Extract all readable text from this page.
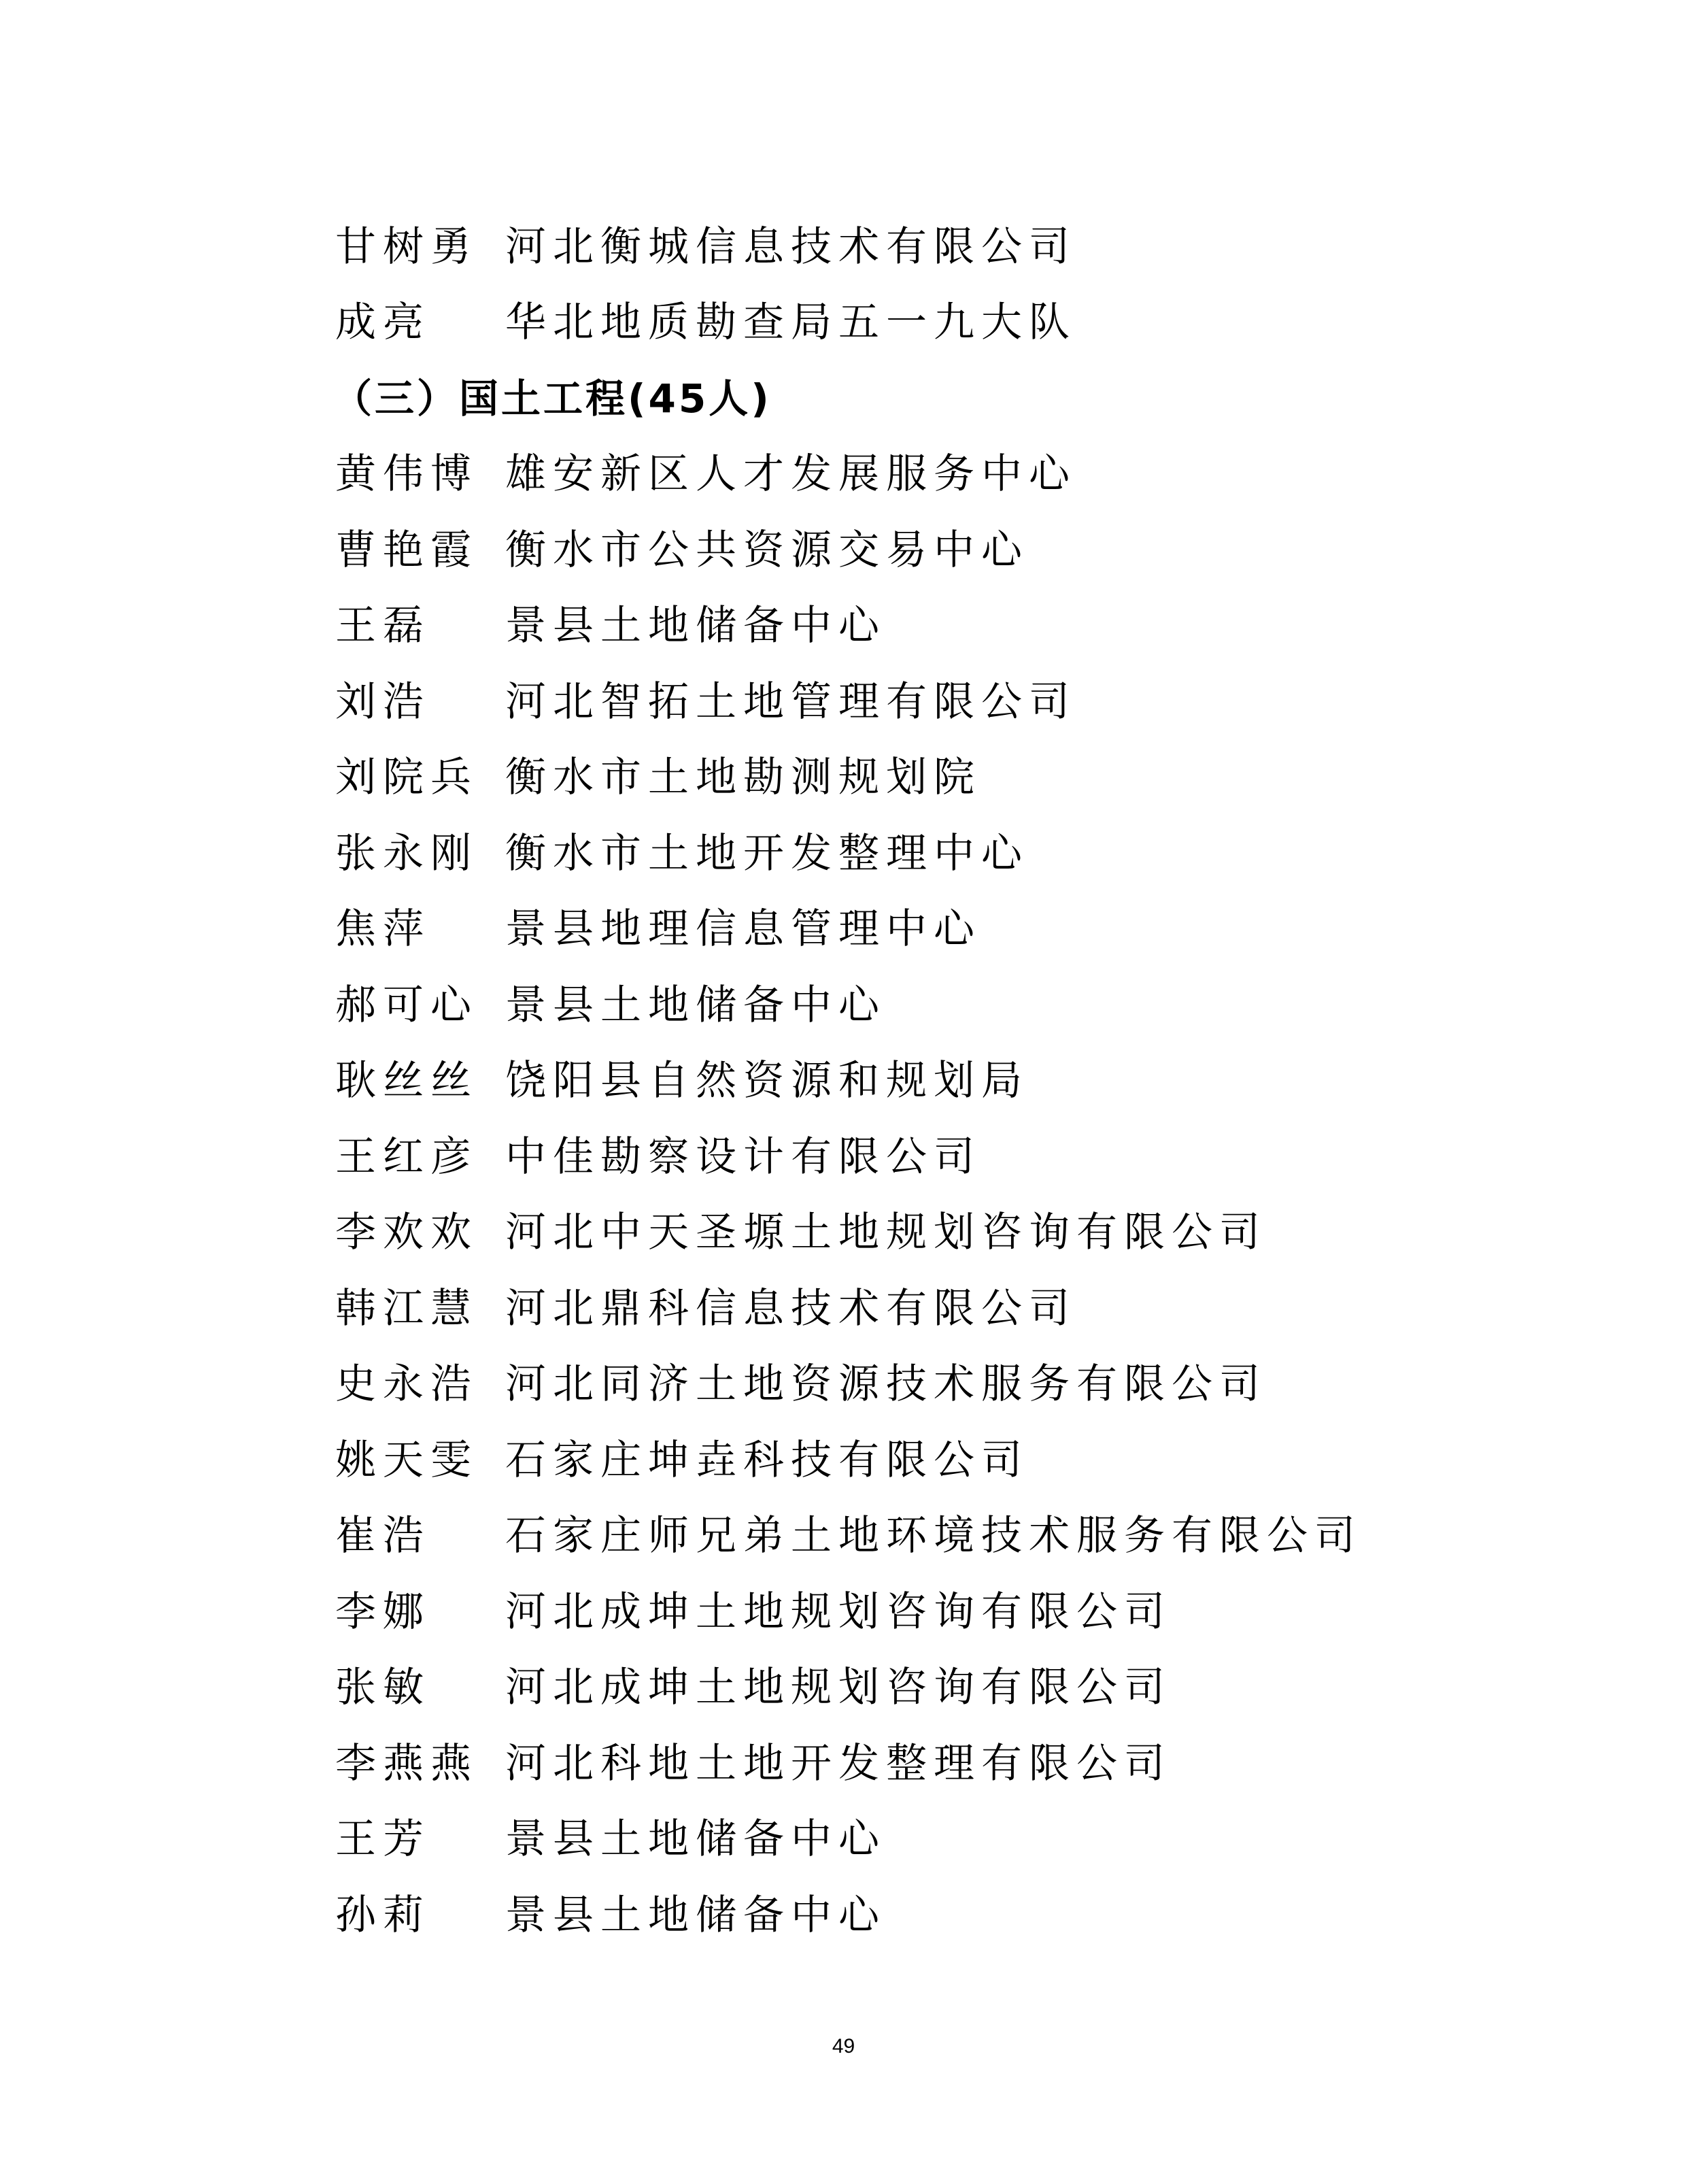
甘树勇 河北衡城信息技术有限公司
成亮	华北地质勘查局五一九大队
（三）国土工程(45人)
黄伟博 雄安新区人才发展服务中心
曹艳霞 衡水市公共资源交易中心
王磊	景县土地储备中心
刘浩	河北智拓土地管理有限公司
刘院兵 衡水市土地勘测规划院
张永刚 衡水市土地开发整理中心
焦萍	景县地理信息管理中心
郝可心 景县土地储备中心
耿丝丝 饶阳县自然资源和规划局
王红彦 中佳勘察设计有限公司
李欢欢 河北中天圣塬土地规划咨询有限公司
韩江慧 河北鼎科信息技术有限公司
史永浩 河北同济土地资源技术服务有限公司
姚天雯 石家庄坤垚科技有限公司
崔浩	石家庄师兄弟土地环境技术服务有限公司
李娜	河北成坤土地规划咨询有限公司
张敏	河北成坤土地规划咨询有限公司
李燕燕 河北科地土地开发整理有限公司
王芳	景县土地储备中心
孙莉	景县土地储备中心
49
